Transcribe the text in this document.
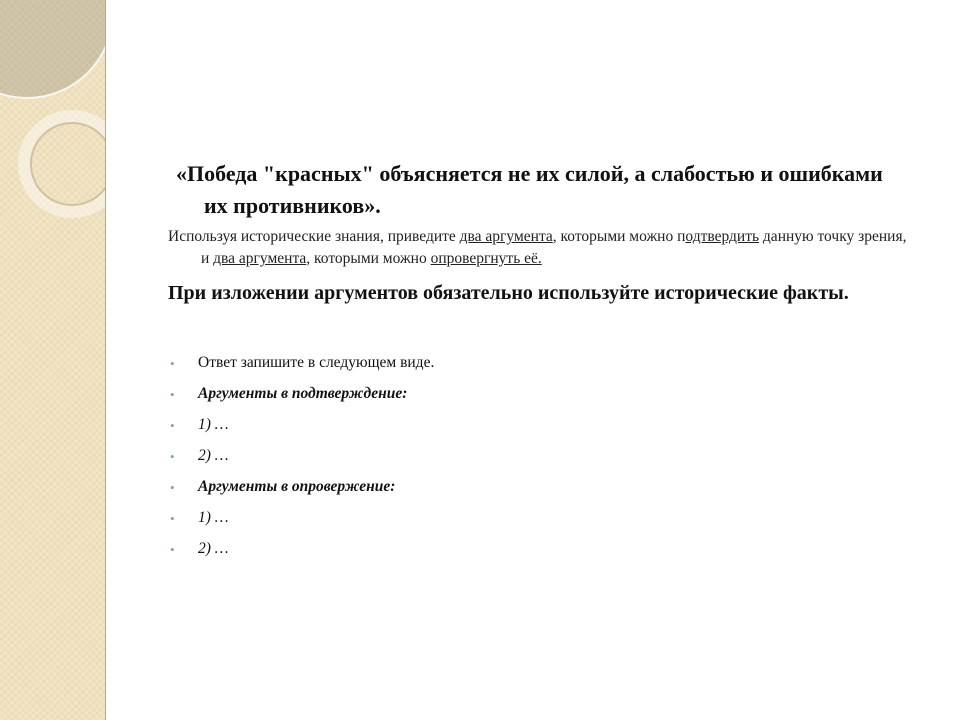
«Победа "красных" объясняется не их силой, а слабостью и ошибками их противников».

Используя исторические знания, приведите два аргумента, которыми можно подтвердить данную точку зрения, и два аргумента, которыми можно опровергнуть её.

При изложении аргументов обязательно используйте исторические факты.

• Ответ запишите в следующем виде.
• Аргументы в подтверждение:
• 1) …
• 2) …
• Аргументы в опровержение:
• 1) …
• 2) …
